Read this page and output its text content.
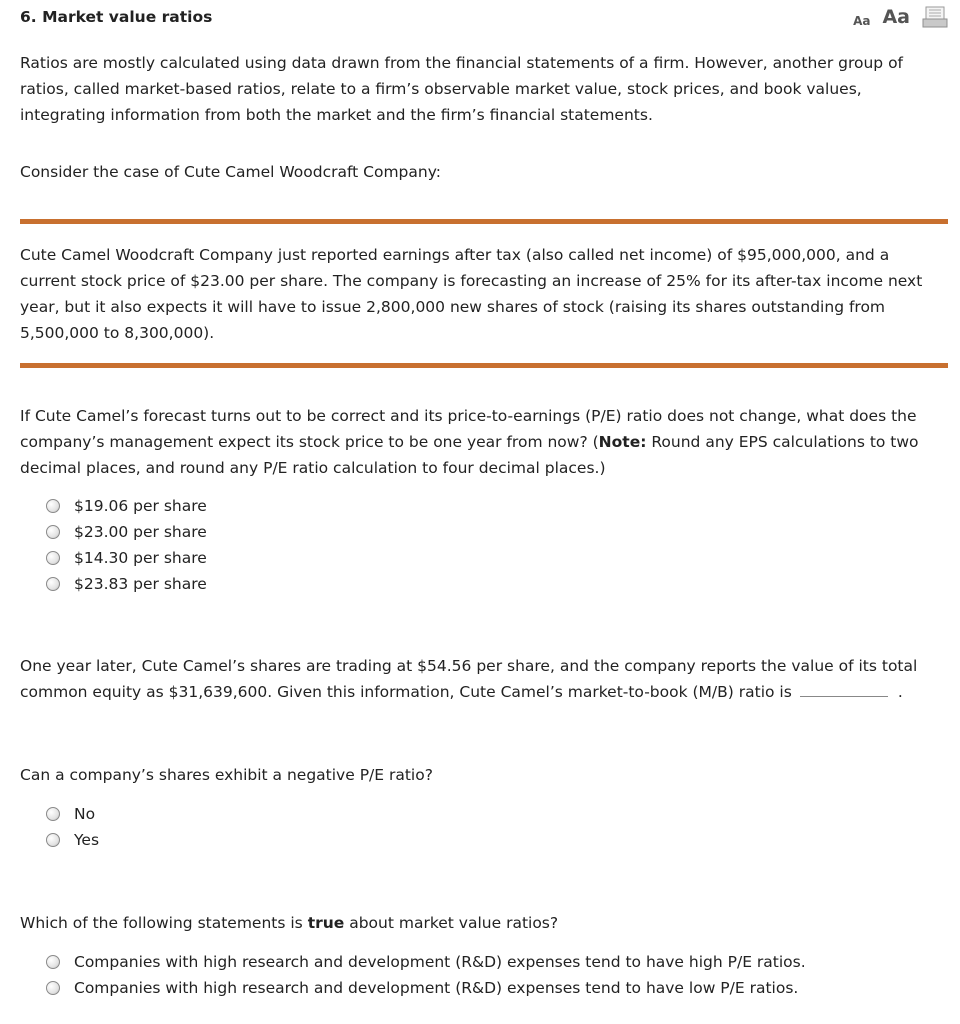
6. Market value ratios	Aa Aa

Ratios are mostly calculated using data drawn from the financial statements of a firm. However, another group of ratios, called market-based ratios, relate to a firm’s observable market value, stock prices, and book values, integrating information from both the market and the firm’s financial statements.

Consider the case of Cute Camel Woodcraft Company:

Cute Camel Woodcraft Company just reported earnings after tax (also called net income) of $95,000,000, and a current stock price of $23.00 per share. The company is forecasting an increase of 25% for its after-tax income next year, but it also expects it will have to issue 2,800,000 new shares of stock (raising its shares outstanding from 5,500,000 to 8,300,000).

If Cute Camel’s forecast turns out to be correct and its price-to-earnings (P/E) ratio does not change, what does the company’s management expect its stock price to be one year from now? (Note: Round any EPS calculations to two decimal places, and round any P/E ratio calculation to four decimal places.)

$19.06 per share
$23.00 per share
$14.30 per share
$23.83 per share

One year later, Cute Camel’s shares are trading at $54.56 per share, and the company reports the value of its total common equity as $31,639,600. Given this information, Cute Camel’s market-to-book (M/B) ratio is	.

Can a company’s shares exhibit a negative P/E ratio?

No
Yes

Which of the following statements is true about market value ratios?

Companies with high research and development (R&D) expenses tend to have high P/E ratios.
Companies with high research and development (R&D) expenses tend to have low P/E ratios.
